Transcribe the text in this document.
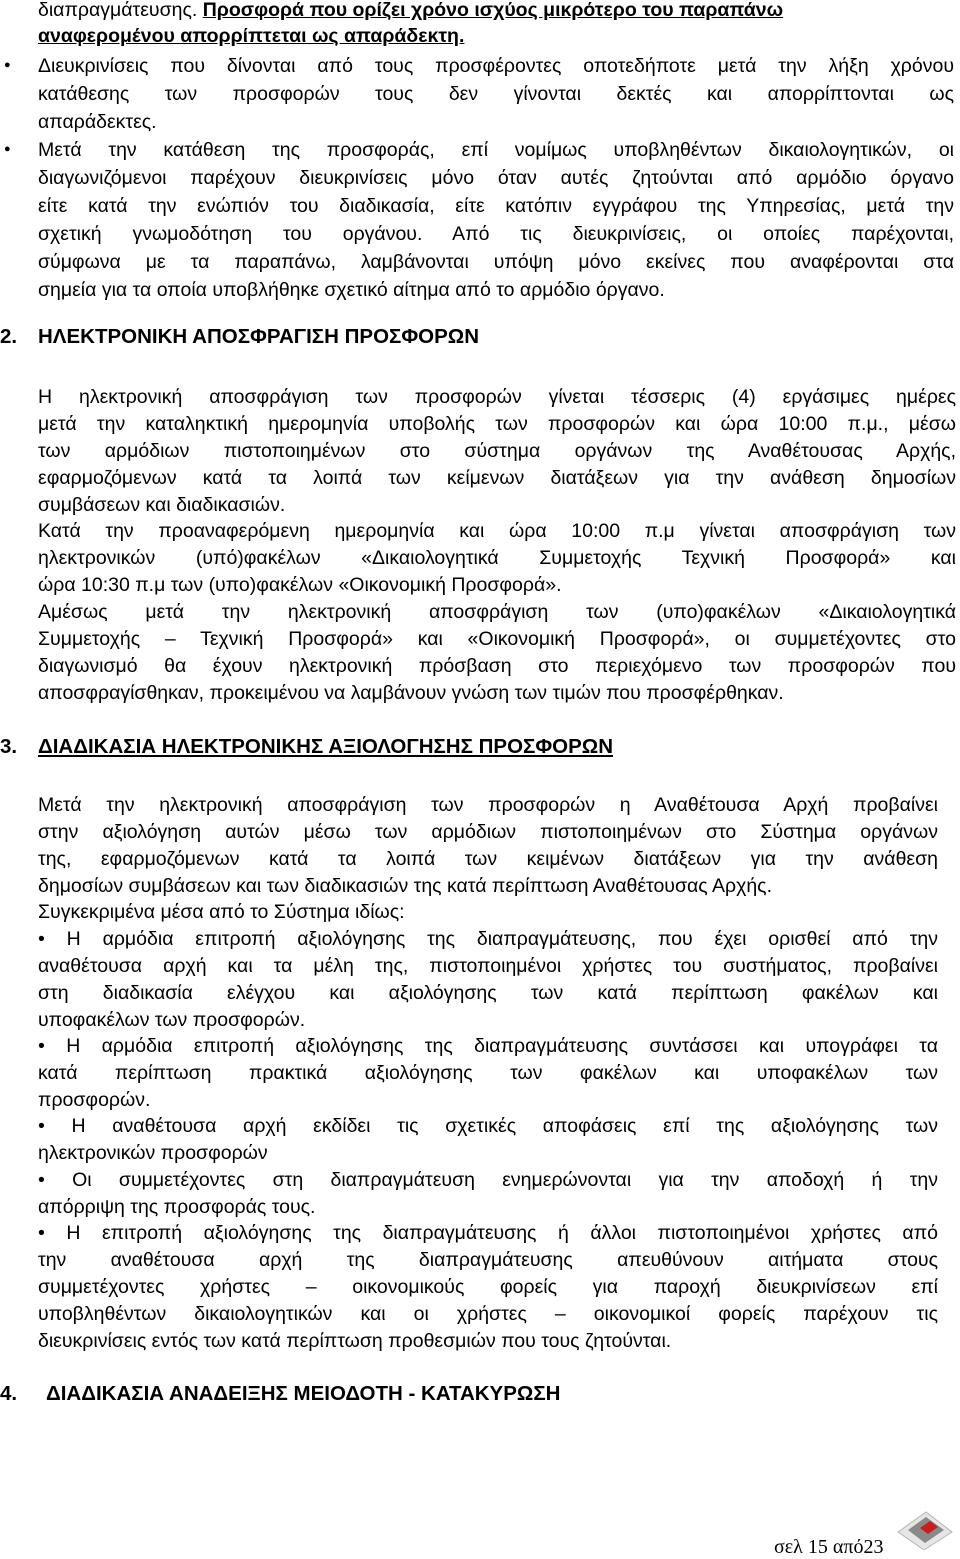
διαπραγμάτευσης. Προσφορά που ορίζει χρόνο ισχύος μικρότερο του παραπάνω
αναφερομένου απορρίπτεται ως απαράδεκτη.
● Διευκρινίσεις που δίνονται από τους προσφέροντες οποτεδήποτε μετά την λήξη χρόνου
κατάθεσης των προσφορών τους δεν γίνονται δεκτές και απορρίπτονται ως
απαράδεκτες.
● Μετά την κατάθεση της προσφοράς, επί νομίμως υποβληθέντων δικαιολογητικών, οι
διαγωνιζόμενοι παρέχουν διευκρινίσεις μόνο όταν αυτές ζητούνται από αρμόδιο όργανο
είτε κατά την ενώπιόν του διαδικασία, είτε κατόπιν εγγράφου της Υπηρεσίας, μετά την
σχετική γνωμοδότηση του οργάνου. Από τις διευκρινίσεις, οι οποίες παρέχονται,
σύμφωνα με τα παραπάνω, λαμβάνονται υπόψη μόνο εκείνες που αναφέρονται στα
σημεία για τα οποία υποβλήθηκε σχετικό αίτημα από το αρμόδιο όργανο.
2. ΗΛΕΚΤΡΟΝΙΚΗ ΑΠΟΣΦΡΑΓΙΣΗ ΠΡΟΣΦΟΡΩΝ
Η ηλεκτρονική αποσφράγιση των προσφορών γίνεται τέσσερις (4) εργάσιμες ημέρες
μετά την καταληκτική ημερομηνία υποβολής των προσφορών και ώρα 10:00 π.μ., μέσω
των αρμόδιων πιστοποιημένων στο σύστημα οργάνων της Αναθέτουσας Αρχής,
εφαρμοζόμενων κατά τα λοιπά των κείμενων διατάξεων για την ανάθεση δημοσίων
συμβάσεων και διαδικασιών.
Κατά την προαναφερόμενη ημερομηνία και ώρα 10:00 π.μ γίνεται αποσφράγιση των
ηλεκτρονικών (υπό)φακέλων «Δικαιολογητικά Συμμετοχής Τεχνική Προσφορά» και
ώρα 10:30 π.μ των (υπο)φακέλων «Οικονομική Προσφορά».
Αμέσως μετά την ηλεκτρονική αποσφράγιση των (υπο)φακέλων «Δικαιολογητικά
Συμμετοχής – Τεχνική Προσφορά» και «Οικονομική Προσφορά», οι συμμετέχοντες στο
διαγωνισμό θα έχουν ηλεκτρονική πρόσβαση στο περιεχόμενο των προσφορών που
αποσφραγίσθηκαν, προκειμένου να λαμβάνουν γνώση των τιμών που προσφέρθηκαν.
3. ΔΙΑΔΙΚΑΣΙΑ ΗΛΕΚΤΡΟΝΙΚΗΣ ΑΞΙΟΛΟΓΗΣΗΣ ΠΡΟΣΦΟΡΩΝ
Μετά την ηλεκτρονική αποσφράγιση των προσφορών η Αναθέτουσα Αρχή προβαίνει
στην αξιολόγηση αυτών μέσω των αρμόδιων πιστοποιημένων στο Σύστημα οργάνων
της, εφαρμοζόμενων κατά τα λοιπά των κειμένων διατάξεων για την ανάθεση
δημοσίων συμβάσεων και των διαδικασιών της κατά περίπτωση Αναθέτουσας Αρχής.
Συγκεκριμένα μέσα από το Σύστημα ιδίως:
• Η αρμόδια επιτροπή αξιολόγησης της διαπραγμάτευσης, που έχει ορισθεί από την
αναθέτουσα αρχή και τα μέλη της, πιστοποιημένοι χρήστες του συστήματος, προβαίνει
στη διαδικασία ελέγχου και αξιολόγησης των κατά περίπτωση φακέλων και
υποφακέλων των προσφορών.
• Η αρμόδια επιτροπή αξιολόγησης της διαπραγμάτευσης συντάσσει και υπογράφει τα
κατά περίπτωση πρακτικά αξιολόγησης των φακέλων και υποφακέλων των
προσφορών.
• Η αναθέτουσα αρχή εκδίδει τις σχετικές αποφάσεις επί της αξιολόγησης των
ηλεκτρονικών προσφορών
• Οι συμμετέχοντες στη διαπραγμάτευση ενημερώνονται για την αποδοχή ή την
απόρριψη της προσφοράς τους.
• Η επιτροπή αξιολόγησης της διαπραγμάτευσης ή άλλοι πιστοποιημένοι χρήστες από
την αναθέτουσα αρχή της διαπραγμάτευσης απευθύνουν αιτήματα στους
συμμετέχοντες χρήστες – οικονομικούς φορείς για παροχή διευκρινίσεων επί
υποβληθέντων δικαιολογητικών και οι χρήστες – οικονομικοί φορείς παρέχουν τις
διευκρινίσεις εντός των κατά περίπτωση προθεσμιών που τους ζητούνται.
4. ΔΙΑΔΙΚΑΣΙΑ ΑΝΑΔΕΙΞΗΣ ΜΕΙΟΔΟΤΗ - ΚΑΤΑΚΥΡΩΣΗ
σελ 15 από23
